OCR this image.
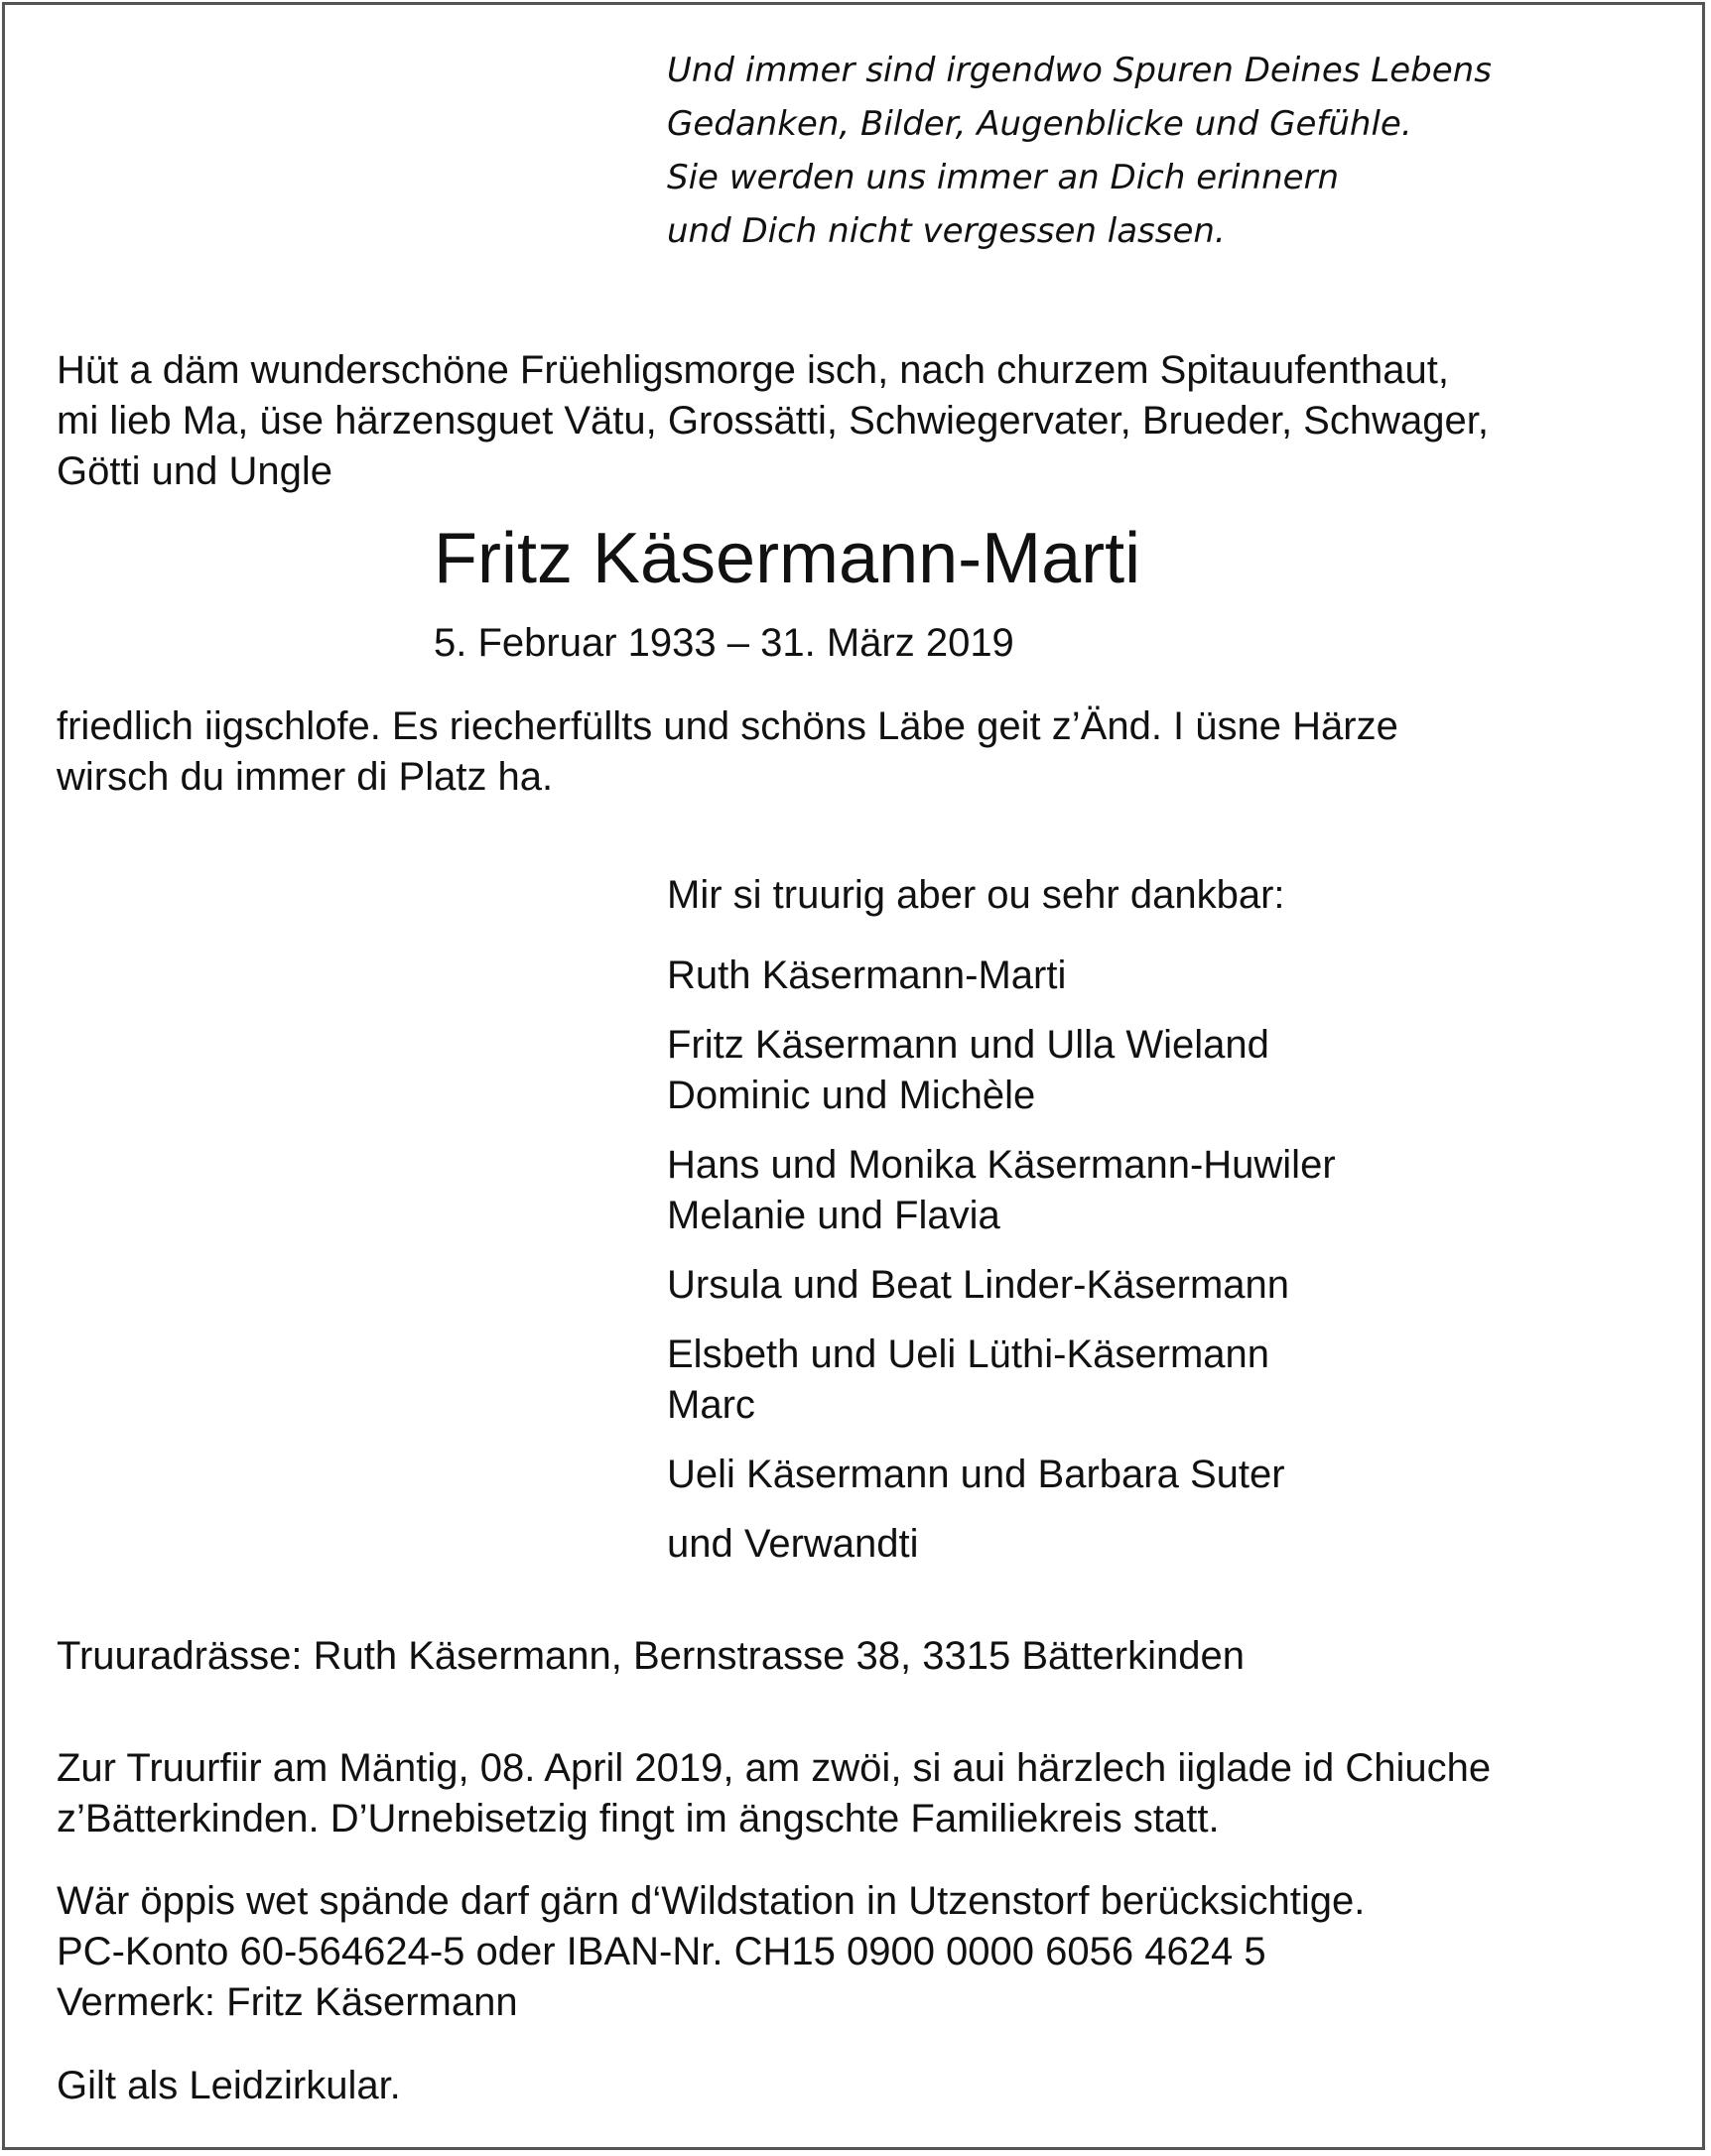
Und immer sind irgendwo Spuren Deines Lebens
Gedanken, Bilder, Augenblicke und Gefühle.
Sie werden uns immer an Dich erinnern
und Dich nicht vergessen lassen.
Hüt a däm wunderschöne Früehligsmorge isch, nach churzem Spitauufenthaut,
mi lieb Ma, üse härzensguet Vätu, Grossätti, Schwiegervater, Brueder, Schwager,
Götti und Ungle
Fritz Käsermann-Marti
5. Februar 1933 – 31. März 2019
friedlich iigschlofe. Es riecherfüllts und schöns Läbe geit z’Änd. I üsne Härze
wirsch du immer di Platz ha.
Mir si truurig aber ou sehr dankbar:
Ruth Käsermann-Marti
Fritz Käsermann und Ulla Wieland
Dominic und Michèle
Hans und Monika Käsermann-Huwiler
Melanie und Flavia
Ursula und Beat Linder-Käsermann
Elsbeth und Ueli Lüthi-Käsermann
Marc
Ueli Käsermann und Barbara Suter
und Verwandti
Truuradrässe: Ruth Käsermann, Bernstrasse 38, 3315 Bätterkinden
Zur Truurfiir am Mäntig, 08. April 2019, am zwöi, si aui härzlech iiglade id Chiuche
z’Bätterkinden. D’Urnebisetzig fingt im ängschte Familiekreis statt.
Wär öppis wet spände darf gärn d‘Wildstation in Utzenstorf berücksichtige.
PC-Konto 60-564624-5 oder IBAN-Nr. CH15 0900 0000 6056 4624 5
Vermerk: Fritz Käsermann
Gilt als Leidzirkular.
